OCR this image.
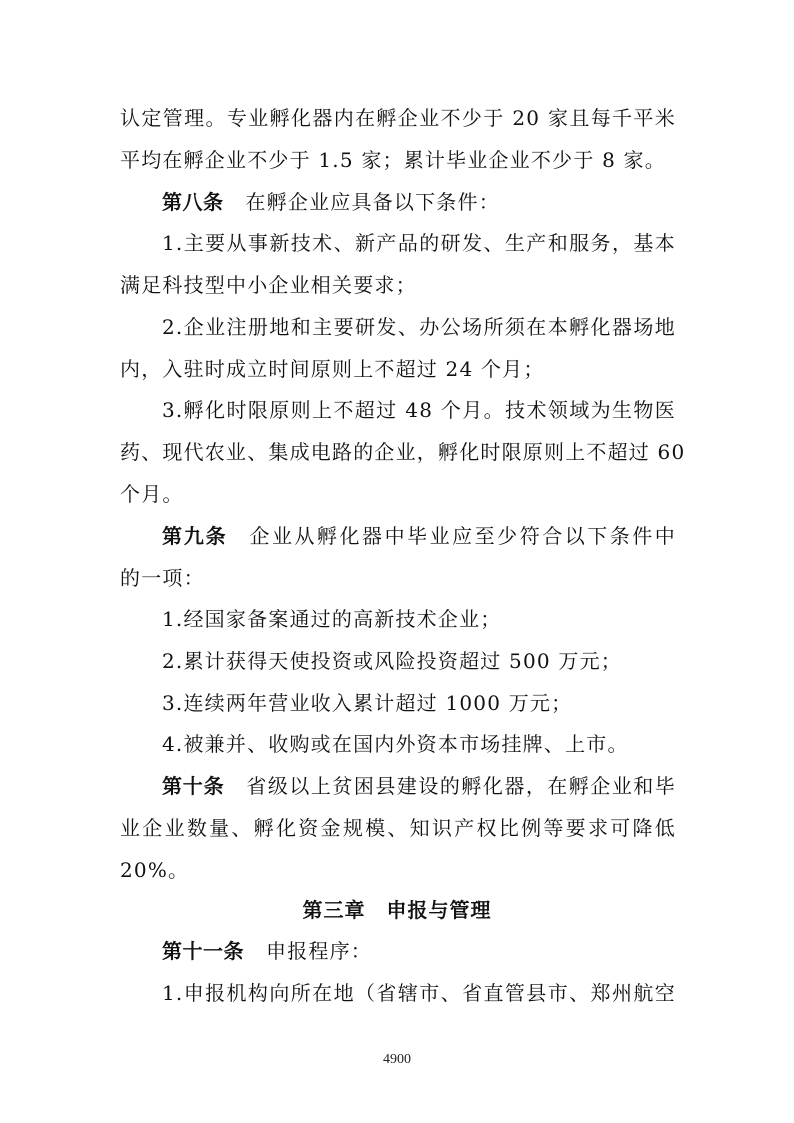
认定管理。专业孵化器内在孵企业不少于 20 家且每千平米
平均在孵企业不少于 1.5 家；累计毕业企业不少于 8 家。
第八条 在孵企业应具备以下条件：
1.主要从事新技术、新产品的研发、生产和服务，基本
满足科技型中小企业相关要求；
2.企业注册地和主要研发、办公场所须在本孵化器场地
内，入驻时成立时间原则上不超过 24 个月；
3.孵化时限原则上不超过 48 个月。技术领域为生物医
药、现代农业、集成电路的企业，孵化时限原则上不超过 60
个月。
第九条 企业从孵化器中毕业应至少符合以下条件中
的一项：
1.经国家备案通过的高新技术企业；
2.累计获得天使投资或风险投资超过 500 万元；
3.连续两年营业收入累计超过 1000 万元；
4.被兼并、收购或在国内外资本市场挂牌、上市。
第十条 省级以上贫困县建设的孵化器，在孵企业和毕
业企业数量、孵化资金规模、知识产权比例等要求可降低
20%。
第三章　申报与管理
第十一条 申报程序：
1.申报机构向所在地（省辖市、省直管县市、郑州航空
4900
